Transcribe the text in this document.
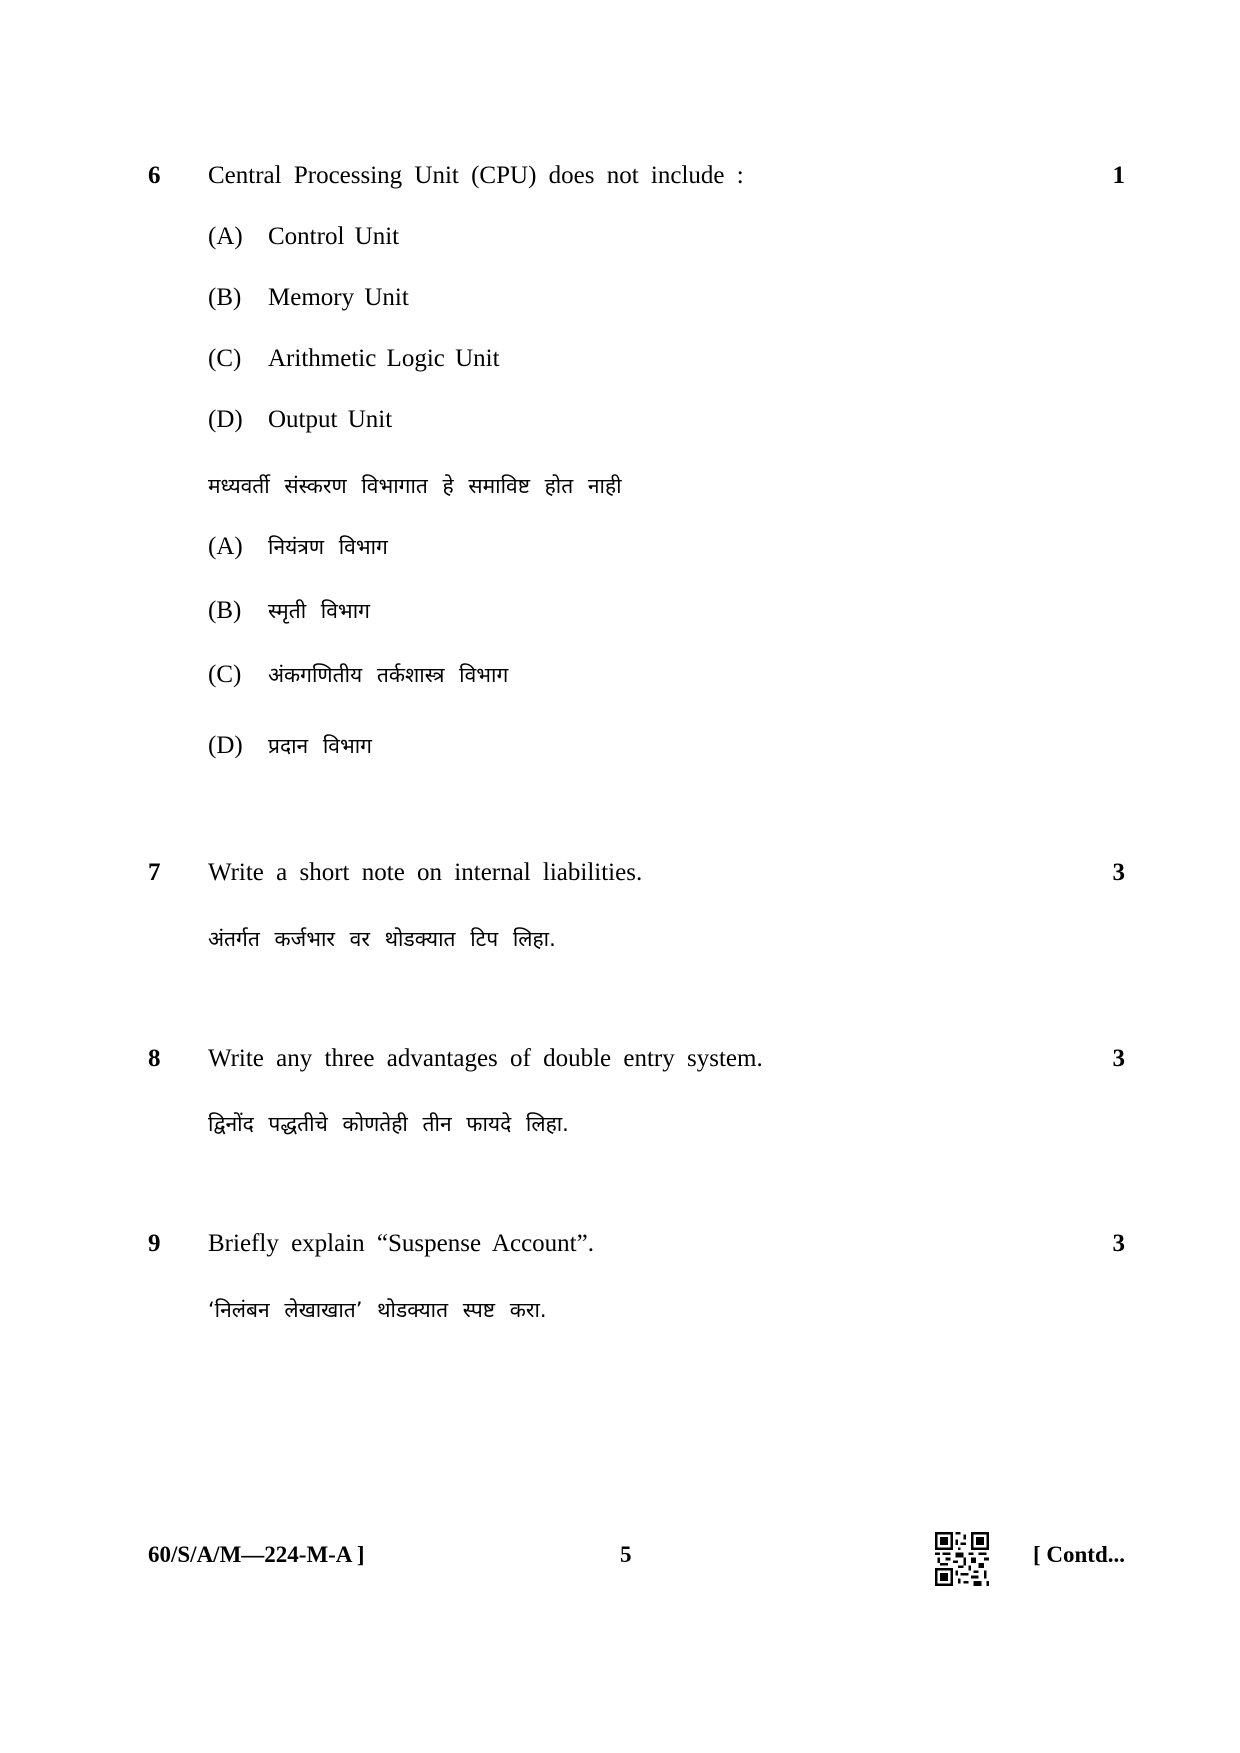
6 Central Processing Unit (CPU) does not include :	1
(A) Control Unit
(B) Memory Unit
(C) Arithmetic Logic Unit
(D) Output Unit
मध्यवर्ती संस्करण विभागात हे समाविष्ट होत नाही
(A) नियंत्रण विभाग
(B) स्मृती विभाग
(C) अंकगणितीय तर्कशास्त्र विभाग
(D) प्रदान विभाग
7 Write a short note on internal liabilities.	3
अंतर्गत कर्जभार वर थोडक्यात टिप लिहा.
8 Write any three advantages of double entry system.	3
द्विनोंद पद्धतीचे कोणतेही तीन फायदे लिहा.
9 Briefly explain “Suspense Account”.	3
‘निलंबन लेखाखात’ थोडक्यात स्पष्ट करा.
60/S/A/M—224-M-A ]	5	[ Contd...
